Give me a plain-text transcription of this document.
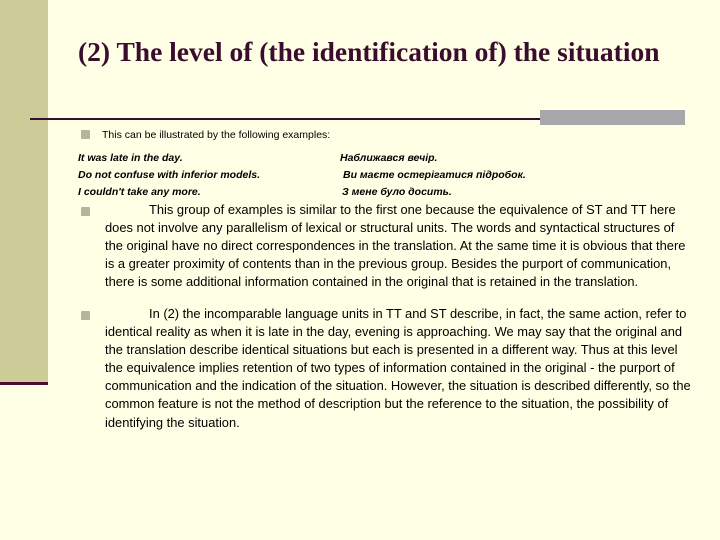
(2) The level of (the identification of) the situation

This can be illustrated by the following examples:

It was late in the day.	Наближався вечір.
Do not confuse with inferior models.	Ви маєте остерігатися підробок.
I couldn't take any more.	З мене було досить.

This group of examples is similar to the first one because the equivalence of ST and TT here does not involve any parallelism of lexical or structural units. The words and syntactical structures of the original have no direct correspondences in the translation. At the same time it is obvious that there is a greater proximity of contents than in the previous group. Besides the purport of communication, there is some additional information contained in the original that is retained in the translation.

In (2) the incomparable language units in TT and ST describe, in fact, the same action, refer to identical reality as when it is late in the day, evening is approaching. We may say that the original and the translation describe identical situations but each is presented in a different way. Thus at this level the equivalence implies retention of two types of information contained in the original - the purport of communication and the indication of the situation. However, the situation is described differently, so the common feature is not the method of description but the reference to the situation, the possibility of identifying the situation.
